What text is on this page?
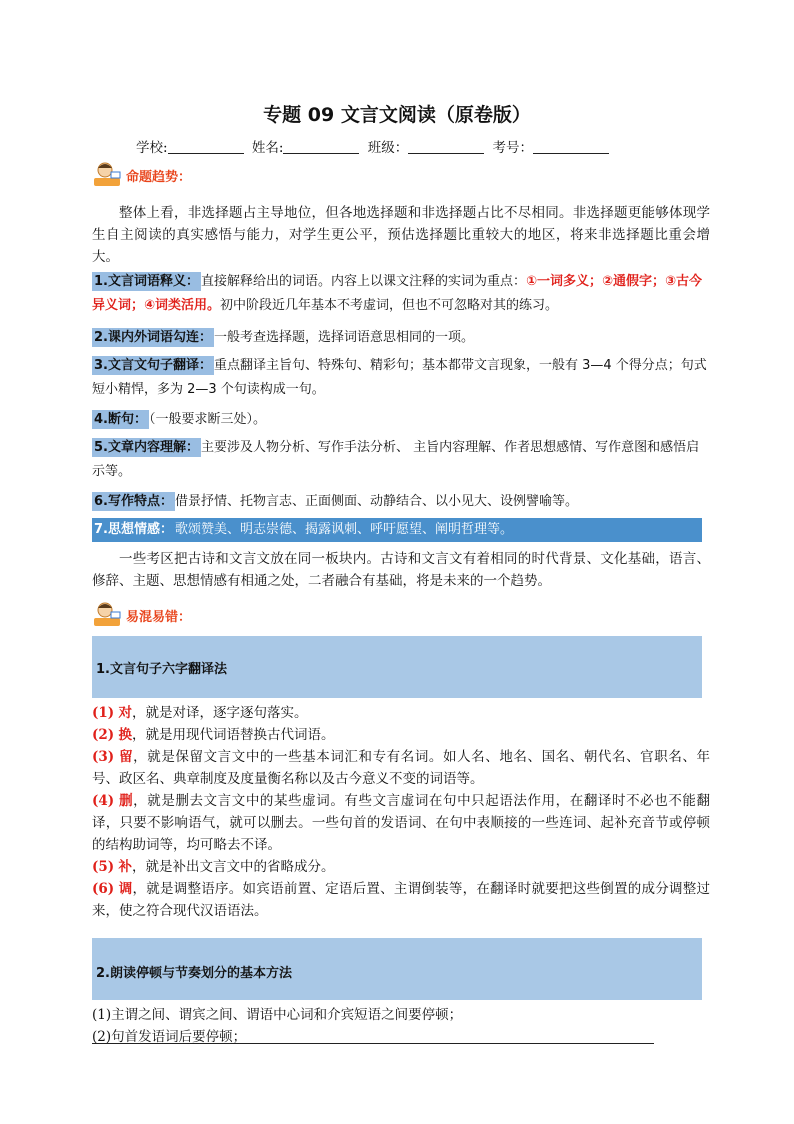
专题 09 文言文阅读（原卷版）
学校:	姓名:	班级：	考号：
命题趋势：
整体上看，非选择题占主导地位，但各地选择题和非选择题占比不尽相同。非选择题更能够体现学生自主阅读的真实感悟与能力，对学生更公平，预估选择题比重较大的地区，将来非选择题比重会增大。
1.文言词语释义： 直接解释给出的词语。内容上以课文注释的实词为重点：①一词多义；②通假字；③古今异义词；④词类活用。初中阶段近几年基本不考虚词，但也不可忽略对其的练习。
2.课内外词语勾连： 一般考查选择题，选择词语意思相同的一项。
3.文言文句子翻译： 重点翻译主旨句、特殊句、精彩句；基本都带文言现象，一般有 3—4 个得分点；句式短小精悍，多为 2—3 个句读构成一句。
4.断句： （一般要求断三处）。
5.文章内容理解： 主要涉及人物分析、写作手法分析、 主旨内容理解、作者思想感情、写作意图和感悟启示等。
6.写作特点： 借景抒情、托物言志、正面侧面、动静结合、以小见大、设例譬喻等。
7.思想情感： 歌颂赞美、明志崇德、揭露讽刺、呼吁愿望、阐明哲理等。
一些考区把古诗和文言文放在同一板块内。古诗和文言文有着相同的时代背景、文化基础，语言、修辞、主题、思想情感有相通之处，二者融合有基础，将是未来的一个趋势。
易混易错：
1.文言句子六字翻译法
(1) 对，就是对译，逐字逐句落实。
(2) 换，就是用现代词语替换古代词语。
(3) 留，就是保留文言文中的一些基本词汇和专有名词。如人名、地名、国名、朝代名、官职名、年号、政区名、典章制度及度量衡名称以及古今意义不变的词语等。
(4) 删，就是删去文言文中的某些虚词。有些文言虚词在句中只起语法作用，在翻译时不必也不能翻译，只要不影响语气，就可以删去。一些句首的发语词、在句中表顺接的一些连词、起补充音节或停顿的结构助词等，均可略去不译。
(5) 补，就是补出文言文中的省略成分。
(6) 调，就是调整语序。如宾语前置、定语后置、主谓倒装等，在翻译时就要把这些倒置的成分调整过来，使之符合现代汉语语法。
2.朗读停顿与节奏划分的基本方法
(1)主谓之间、谓宾之间、谓语中心词和介宾短语之间要停顿；
(2)句首发语词后要停顿；
